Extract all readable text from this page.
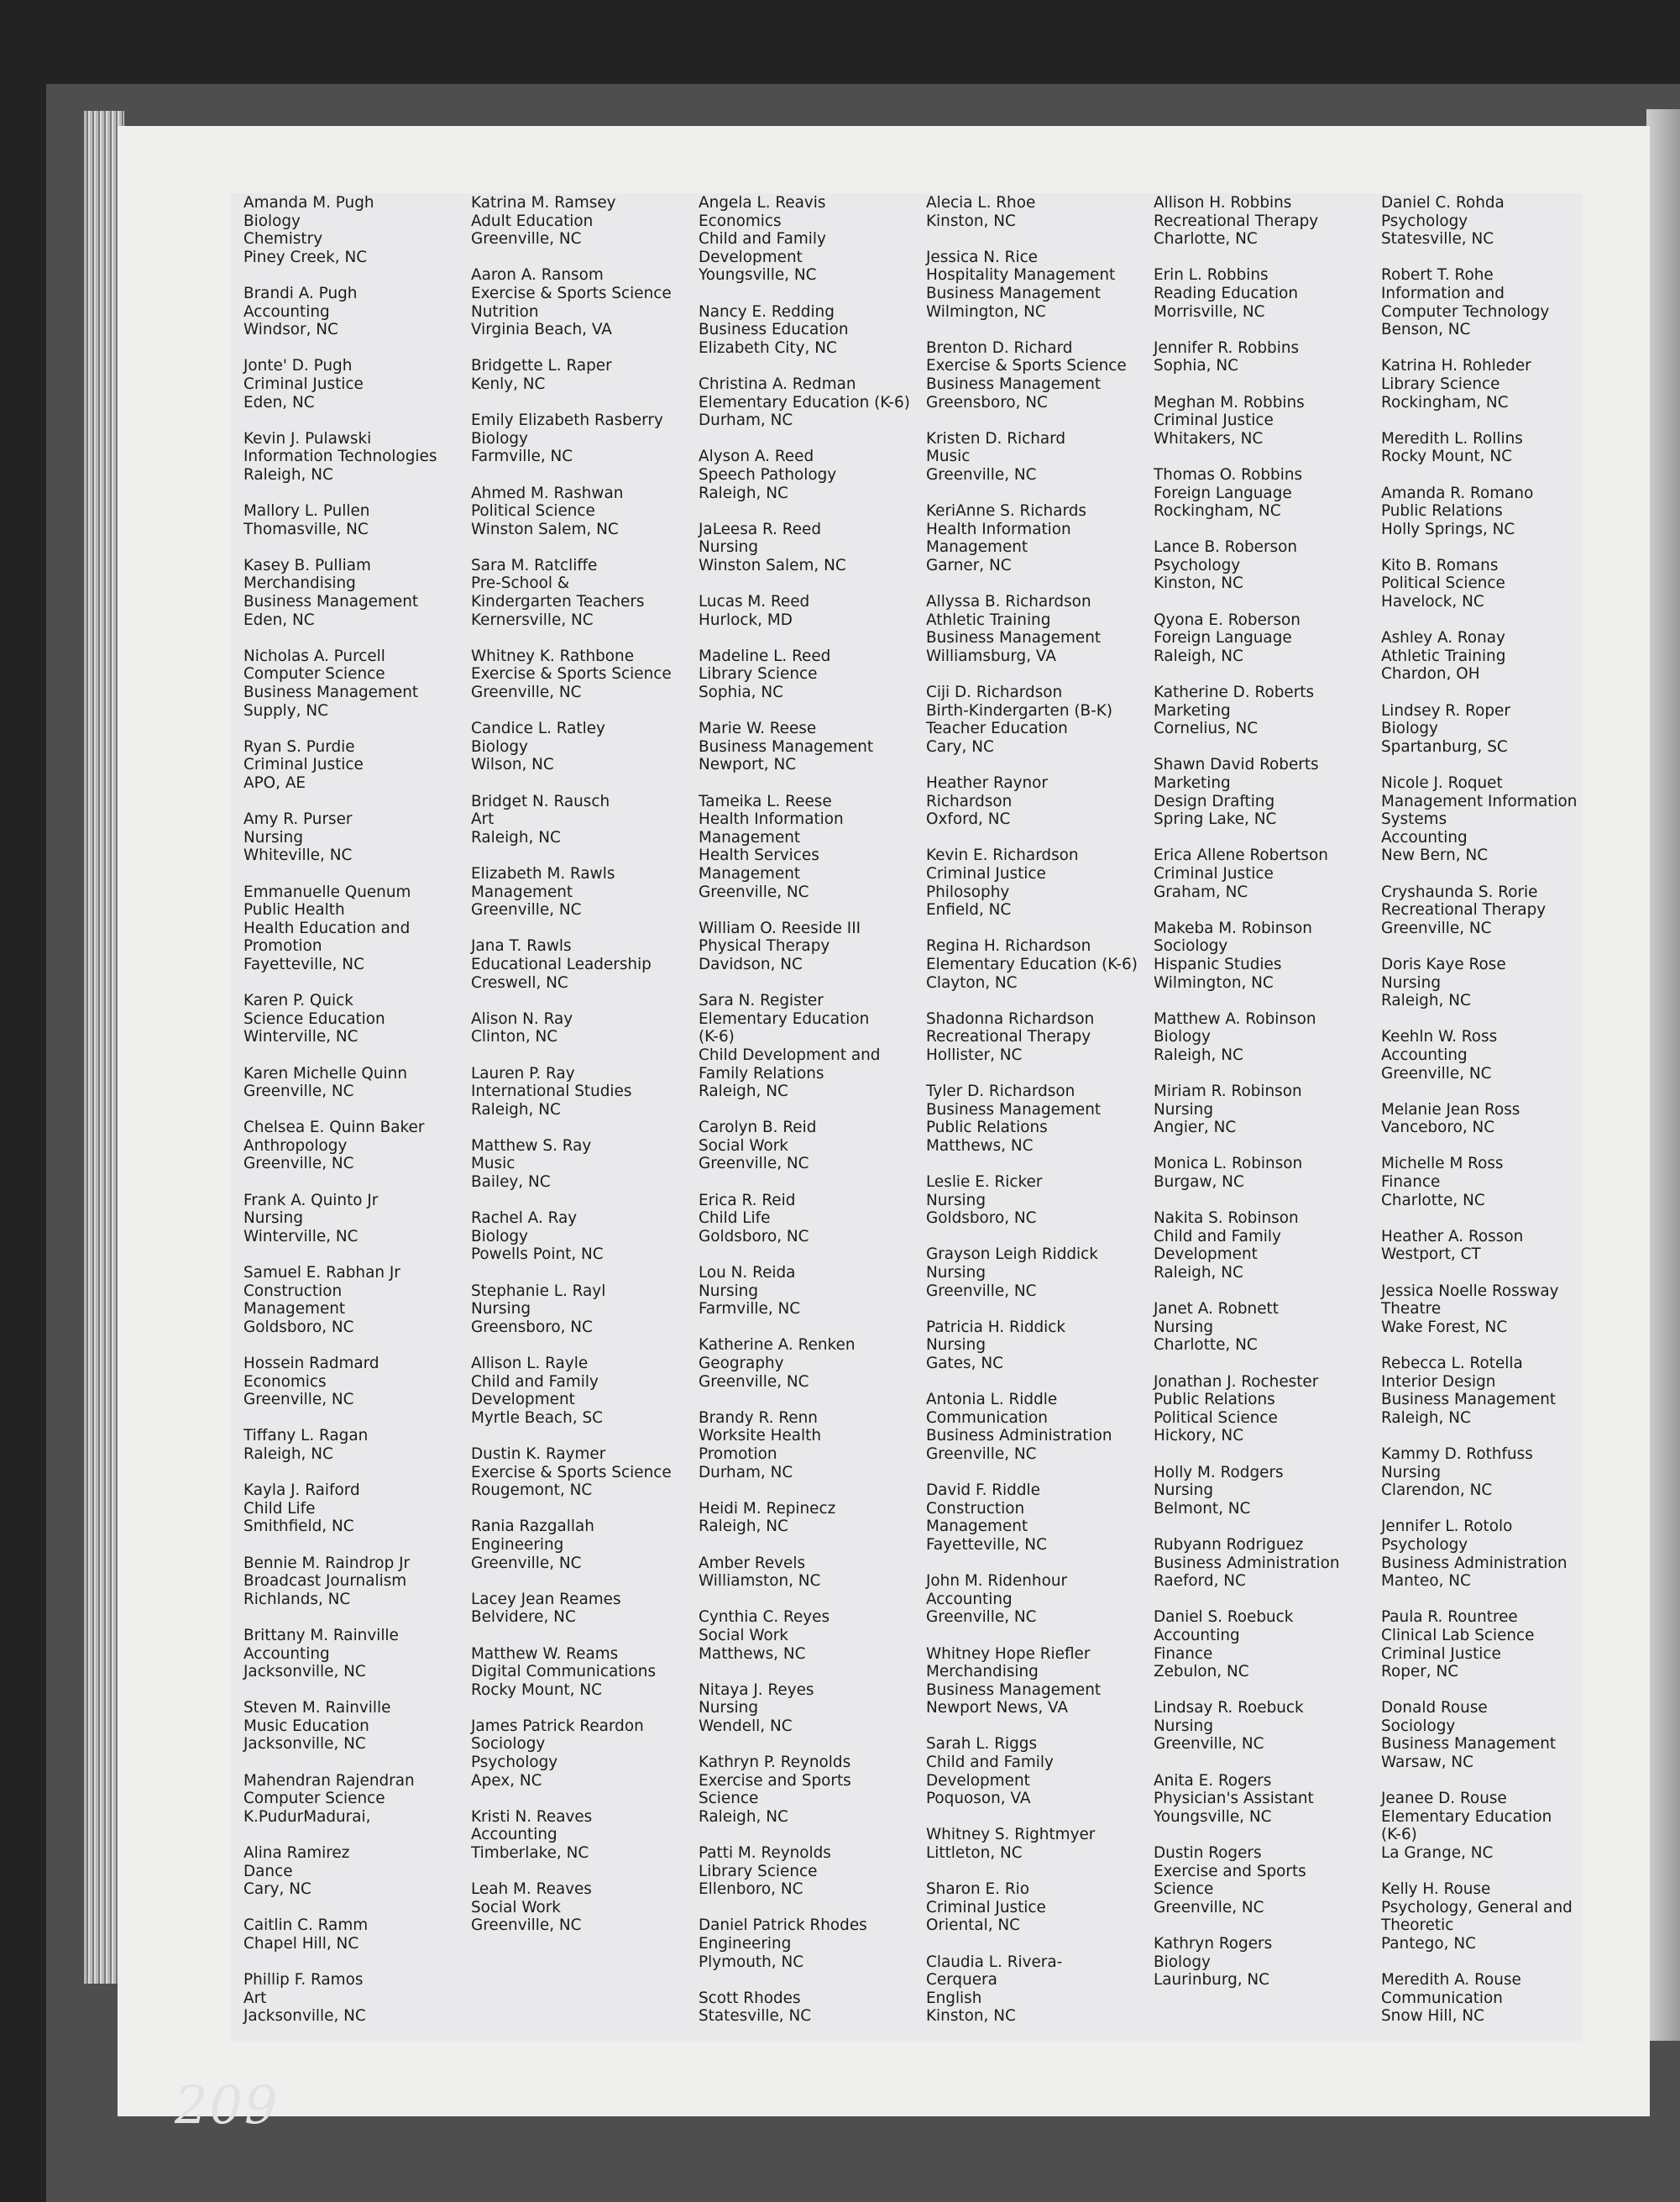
Amanda M. Pugh
Biology
Chemistry
Piney Creek, NC
Brandi A. Pugh
Accounting
Windsor, NC
Jonte' D. Pugh
Criminal Justice
Eden, NC
Kevin J. Pulawski
Information Technologies
Raleigh, NC
Mallory L. Pullen
Thomasville, NC
Kasey B. Pulliam
Merchandising
Business Management
Eden, NC
Nicholas A. Purcell
Computer Science
Business Management
Supply, NC
Ryan S. Purdie
Criminal Justice
APO, AE
Amy R. Purser
Nursing
Whiteville, NC
Emmanuelle Quenum
Public Health
Health Education and
Promotion
Fayetteville, NC
Karen P. Quick
Science Education
Winterville, NC
Karen Michelle Quinn
Greenville, NC
Chelsea E. Quinn Baker
Anthropology
Greenville, NC
Frank A. Quinto Jr
Nursing
Winterville, NC
Samuel E. Rabhan Jr
Construction
Management
Goldsboro, NC
Hossein Radmard
Economics
Greenville, NC
Tiffany L. Ragan
Raleigh, NC
Kayla J. Raiford
Child Life
Smithfield, NC
Bennie M. Raindrop Jr
Broadcast Journalism
Richlands, NC
Brittany M. Rainville
Accounting
Jacksonville, NC
Steven M. Rainville
Music Education
Jacksonville, NC
Mahendran Rajendran
Computer Science
K.PudurMadurai,
Alina Ramirez
Dance
Cary, NC
Caitlin C. Ramm
Chapel Hill, NC
Phillip F. Ramos
Art
Jacksonville, NC
Katrina M. Ramsey
Adult Education
Greenville, NC
Aaron A. Ransom
Exercise & Sports Science
Nutrition
Virginia Beach, VA
Bridgette L. Raper
Kenly, NC
Emily Elizabeth Rasberry
Biology
Farmville, NC
Ahmed M. Rashwan
Political Science
Winston Salem, NC
Sara M. Ratcliffe
Pre-School &
Kindergarten Teachers
Kernersville, NC
Whitney K. Rathbone
Exercise & Sports Science
Greenville, NC
Candice L. Ratley
Biology
Wilson, NC
Bridget N. Rausch
Art
Raleigh, NC
Elizabeth M. Rawls
Management
Greenville, NC
Jana T. Rawls
Educational Leadership
Creswell, NC
Alison N. Ray
Clinton, NC
Lauren P. Ray
International Studies
Raleigh, NC
Matthew S. Ray
Music
Bailey, NC
Rachel A. Ray
Biology
Powells Point, NC
Stephanie L. Rayl
Nursing
Greensboro, NC
Allison L. Rayle
Child and Family
Development
Myrtle Beach, SC
Dustin K. Raymer
Exercise & Sports Science
Rougemont, NC
Rania Razgallah
Engineering
Greenville, NC
Lacey Jean Reames
Belvidere, NC
Matthew W. Reams
Digital Communications
Rocky Mount, NC
James Patrick Reardon
Sociology
Psychology
Apex, NC
Kristi N. Reaves
Accounting
Timberlake, NC
Leah M. Reaves
Social Work
Greenville, NC
Angela L. Reavis
Economics
Child and Family
Development
Youngsville, NC
Nancy E. Redding
Business Education
Elizabeth City, NC
Christina A. Redman
Elementary Education (K-6)
Durham, NC
Alyson A. Reed
Speech Pathology
Raleigh, NC
JaLeesa R. Reed
Nursing
Winston Salem, NC
Lucas M. Reed
Hurlock, MD
Madeline L. Reed
Library Science
Sophia, NC
Marie W. Reese
Business Management
Newport, NC
Tameika L. Reese
Health Information
Management
Health Services
Management
Greenville, NC
William O. Reeside III
Physical Therapy
Davidson, NC
Sara N. Register
Elementary Education
(K-6)
Child Development and
Family Relations
Raleigh, NC
Carolyn B. Reid
Social Work
Greenville, NC
Erica R. Reid
Child Life
Goldsboro, NC
Lou N. Reida
Nursing
Farmville, NC
Katherine A. Renken
Geography
Greenville, NC
Brandy R. Renn
Worksite Health
Promotion
Durham, NC
Heidi M. Repinecz
Raleigh, NC
Amber Revels
Williamston, NC
Cynthia C. Reyes
Social Work
Matthews, NC
Nitaya J. Reyes
Nursing
Wendell, NC
Kathryn P. Reynolds
Exercise and Sports
Science
Raleigh, NC
Patti M. Reynolds
Library Science
Ellenboro, NC
Daniel Patrick Rhodes
Engineering
Plymouth, NC
Scott Rhodes
Statesville, NC
Alecia L. Rhoe
Kinston, NC
Jessica N. Rice
Hospitality Management
Business Management
Wilmington, NC
Brenton D. Richard
Exercise & Sports Science
Business Management
Greensboro, NC
Kristen D. Richard
Music
Greenville, NC
KeriAnne S. Richards
Health Information
Management
Garner, NC
Allyssa B. Richardson
Athletic Training
Business Management
Williamsburg, VA
Ciji D. Richardson
Birth-Kindergarten (B-K)
Teacher Education
Cary, NC
Heather Raynor
Richardson
Oxford, NC
Kevin E. Richardson
Criminal Justice
Philosophy
Enfield, NC
Regina H. Richardson
Elementary Education (K-6)
Clayton, NC
Shadonna Richardson
Recreational Therapy
Hollister, NC
Tyler D. Richardson
Business Management
Public Relations
Matthews, NC
Leslie E. Ricker
Nursing
Goldsboro, NC
Grayson Leigh Riddick
Nursing
Greenville, NC
Patricia H. Riddick
Nursing
Gates, NC
Antonia L. Riddle
Communication
Business Administration
Greenville, NC
David F. Riddle
Construction
Management
Fayetteville, NC
John M. Ridenhour
Accounting
Greenville, NC
Whitney Hope Riefler
Merchandising
Business Management
Newport News, VA
Sarah L. Riggs
Child and Family
Development
Poquoson, VA
Whitney S. Rightmyer
Littleton, NC
Sharon E. Rio
Criminal Justice
Oriental, NC
Claudia L. Rivera-
Cerquera
English
Kinston, NC
Allison H. Robbins
Recreational Therapy
Charlotte, NC
Erin L. Robbins
Reading Education
Morrisville, NC
Jennifer R. Robbins
Sophia, NC
Meghan M. Robbins
Criminal Justice
Whitakers, NC
Thomas O. Robbins
Foreign Language
Rockingham, NC
Lance B. Roberson
Psychology
Kinston, NC
Qyona E. Roberson
Foreign Language
Raleigh, NC
Katherine D. Roberts
Marketing
Cornelius, NC
Shawn David Roberts
Marketing
Design Drafting
Spring Lake, NC
Erica Allene Robertson
Criminal Justice
Graham, NC
Makeba M. Robinson
Sociology
Hispanic Studies
Wilmington, NC
Matthew A. Robinson
Biology
Raleigh, NC
Miriam R. Robinson
Nursing
Angier, NC
Monica L. Robinson
Burgaw, NC
Nakita S. Robinson
Child and Family
Development
Raleigh, NC
Janet A. Robnett
Nursing
Charlotte, NC
Jonathan J. Rochester
Public Relations
Political Science
Hickory, NC
Holly M. Rodgers
Nursing
Belmont, NC
Rubyann Rodriguez
Business Administration
Raeford, NC
Daniel S. Roebuck
Accounting
Finance
Zebulon, NC
Lindsay R. Roebuck
Nursing
Greenville, NC
Anita E. Rogers
Physician's Assistant
Youngsville, NC
Dustin Rogers
Exercise and Sports
Science
Greenville, NC
Kathryn Rogers
Biology
Laurinburg, NC
Daniel C. Rohda
Psychology
Statesville, NC
Robert T. Rohe
Information and
Computer Technology
Benson, NC
Katrina H. Rohleder
Library Science
Rockingham, NC
Meredith L. Rollins
Rocky Mount, NC
Amanda R. Romano
Public Relations
Holly Springs, NC
Kito B. Romans
Political Science
Havelock, NC
Ashley A. Ronay
Athletic Training
Chardon, OH
Lindsey R. Roper
Biology
Spartanburg, SC
Nicole J. Roquet
Management Information
Systems
Accounting
New Bern, NC
Cryshaunda S. Rorie
Recreational Therapy
Greenville, NC
Doris Kaye Rose
Nursing
Raleigh, NC
Keehln W. Ross
Accounting
Greenville, NC
Melanie Jean Ross
Vanceboro, NC
Michelle M Ross
Finance
Charlotte, NC
Heather A. Rosson
Westport, CT
Jessica Noelle Rossway
Theatre
Wake Forest, NC
Rebecca L. Rotella
Interior Design
Business Management
Raleigh, NC
Kammy D. Rothfuss
Nursing
Clarendon, NC
Jennifer L. Rotolo
Psychology
Business Administration
Manteo, NC
Paula R. Rountree
Clinical Lab Science
Criminal Justice
Roper, NC
Donald Rouse
Sociology
Business Management
Warsaw, NC
Jeanee D. Rouse
Elementary Education
(K-6)
La Grange, NC
Kelly H. Rouse
Psychology, General and
Theoretic
Pantego, NC
Meredith A. Rouse
Communication
Snow Hill, NC
209
